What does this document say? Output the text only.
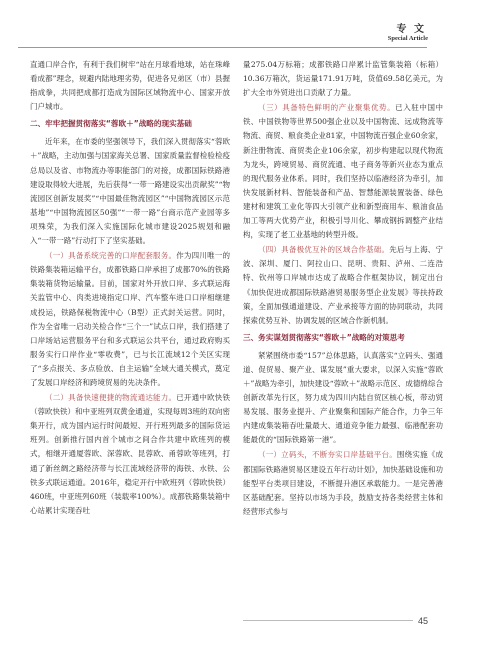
专 文
Special Article

直通口岸合作，有利于我们树牢“站在月球看地球，站在珠峰看成都”理念，规避内陆地理劣势，促进各兄弟区（市）县握指成拳，共同把成都打造成为国际区域物流中心、国家开放门户城市。

二、牢牢把握贯彻落实“蓉欧＋”战略的现实基础

近年来，在市委的坚强领导下，我们深入贯彻落实“蓉欧＋”战略，主动加强与国家海关总署、国家质量监督检验检疫总局以及省、市物流办等职能部门的对接，成都国际铁路港建设取得较大进展，先后获得“一带一路建设实出贡献奖”“物流园区创新发展奖”“中国最佳物流园区”“中国物流园区示范基地”“中国物流园区50强”“一带一路”台商示范产业园等多项殊荣，为我们深入实施国际化城市建设2025规划和融入“一带一路”行动打下了坚实基础。

（一）具备系统完善的口岸配套服务。作为四川唯一的铁路集装箱运输平台，成都铁路口岸承担了成都70%的铁路集装箱货物运输量。目前，国家对外开放口岸、多式联运海关监管中心、肉类进境指定口岸、汽车整车进口口岸相继建成投运，铁路保税物流中心（B型）正式封关运营。同时，作为全省唯一启动关检合作“三个一”试点口岸，我们搭建了口岸场站运营服务平台和多式联运公共平台，通过政府购买服务实行口岸作业“零收费”，已与长江流域12个关区实现了“多点报关、多点验放、自主运输”全域大通关模式，奠定了发展口岸经济和跨境贸易的先决条件。

（二）具备快速便捷的物流通达能力。已开通中欧快铁（蓉欧快铁）和中亚班列双黄金通道，实现每周3班的双向密集开行，成为国内运行时间最短、开行班列最多的国际货运班列。创新推行国内首个城市之间合作共建中欧班列的模式，相继开通厦蓉欧、深蓉欧、昆蓉欧、甬蓉欧等班列，打通了新丝绸之路经济带与长江流域经济带的海铁、水铁、公铁多式联运通道。2016年，稳定开行中欧班列（蓉欧快铁）460班，中亚班列60班（装载率100%）。成都铁路集装箱中心站累计实现吞吐

量275.04万标箱；成都铁路口岸累计监管集装箱（标箱）10.36万箱次，货运量171.91万吨，货值69.58亿美元，为扩大全市外贸进出口贡献了力量。

（三）具备特色鲜明的产业聚集优势。已入驻中国中铁、中国铁物等世界500强企业以及中国物流、远成物流等物流、商贸、粮食类企业81家，中国物流百强企业60余家，新注册物流、商贸类企业106余家，初步构建起以现代物流为龙头，跨境贸易、商贸流通、电子商务等新兴业态为重点的现代服务业体系。同时，我们坚持以临港经济为牵引，加快发展新材料、智能装备和产品、智慧能源装置装备、绿色建材和建筑工业化等四大引领产业和新型商用车、粮油食品加工等两大优势产业，积极引导川化、攀成钢拆调整产业结构，实现了老工业基地的转型升级。

（四）具备极优互补的区域合作基础。先后与上海、宁波、深圳、厦门、阿拉山口、昆明、贵阳、泸州、二连浩特、钦州等口岸城市达成了战略合作框架协议，制定出台《加快促进成都国际铁路港贸易服务型企业发展》等扶持政策，全面加强通道建设、产业承接等方面的协同联动，共同探索优势互补、协调发展的区域合作新机制。

三、务实谋划贯彻落实“蓉欧＋”战略的对策思考

紧紧围绕市委“157”总体思路，认真落实“立码头、强通道、促贸易、聚产业、谋发展”重大要求，以深入实施“蓉欧＋”战略为牵引，加快建设“蓉欧＋”战略示范区、成德绵综合创新改革先行区，努力成为四川内陆自贸区核心板，带动贸易发展、服务业提升、产业聚集和国际产能合作，力争三年内建成集装箱吞吐量最大、通道竞争能力最强、临港配套功能最优的“国际铁路第一港”。

（一）立码头，不断夯实口岸基础平台。围绕实施《成都国际铁路港贸易区建设五年行动计划》，加快基础设施和功能型平台类项目建设，不断提升港区承载能力。一是完善港区基础配套。坚持以市场为手段，鼓励支持各类经营主体和经营形式参与

45
